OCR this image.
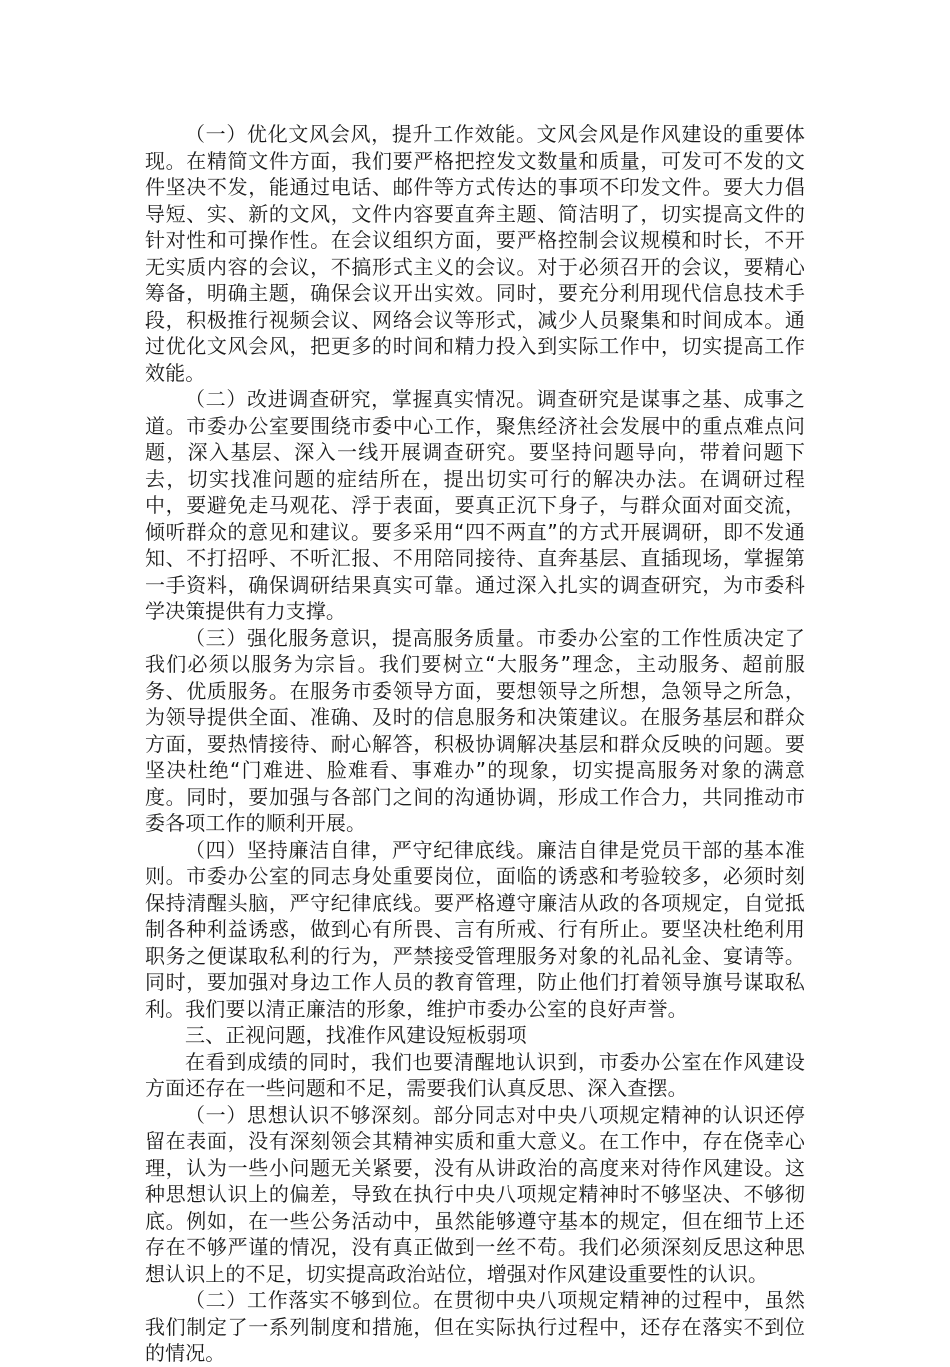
（一）优化文风会风，提升工作效能。文风会风是作风建设的重要体现。在精简文件方面，我们要严格把控发文数量和质量，可发可不发的文件坚决不发，能通过电话、邮件等方式传达的事项不印发文件。要大力倡导短、实、新的文风，文件内容要直奔主题、简洁明了，切实提高文件的针对性和可操作性。在会议组织方面，要严格控制会议规模和时长，不开无实质内容的会议，不搞形式主义的会议。对于必须召开的会议，要精心筹备，明确主题，确保会议开出实效。同时，要充分利用现代信息技术手段，积极推行视频会议、网络会议等形式，减少人员聚集和时间成本。通过优化文风会风，把更多的时间和精力投入到实际工作中，切实提高工作效能。

（二）改进调查研究，掌握真实情况。调查研究是谋事之基、成事之道。市委办公室要围绕市委中心工作，聚焦经济社会发展中的重点难点问题，深入基层、深入一线开展调查研究。要坚持问题导向，带着问题下去，切实找准问题的症结所在，提出切实可行的解决办法。在调研过程中，要避免走马观花、浮于表面，要真正沉下身子，与群众面对面交流，倾听群众的意见和建议。要多采用“四不两直”的方式开展调研，即不发通知、不打招呼、不听汇报、不用陪同接待、直奔基层、直插现场，掌握第一手资料，确保调研结果真实可靠。通过深入扎实的调查研究，为市委科学决策提供有力支撑。

（三）强化服务意识，提高服务质量。市委办公室的工作性质决定了我们必须以服务为宗旨。我们要树立“大服务”理念，主动服务、超前服务、优质服务。在服务市委领导方面，要想领导之所想，急领导之所急，为领导提供全面、准确、及时的信息服务和决策建议。在服务基层和群众方面，要热情接待、耐心解答，积极协调解决基层和群众反映的问题。要坚决杜绝“门难进、脸难看、事难办”的现象，切实提高服务对象的满意度。同时，要加强与各部门之间的沟通协调，形成工作合力，共同推动市委各项工作的顺利开展。

（四）坚持廉洁自律，严守纪律底线。廉洁自律是党员干部的基本准则。市委办公室的同志身处重要岗位，面临的诱惑和考验较多，必须时刻保持清醒头脑，严守纪律底线。要严格遵守廉洁从政的各项规定，自觉抵制各种利益诱惑，做到心有所畏、言有所戒、行有所止。要坚决杜绝利用职务之便谋取私利的行为，严禁接受管理服务对象的礼品礼金、宴请等。同时，要加强对身边工作人员的教育管理，防止他们打着领导旗号谋取私利。我们要以清正廉洁的形象，维护市委办公室的良好声誉。

三、正视问题，找准作风建设短板弱项

在看到成绩的同时，我们也要清醒地认识到，市委办公室在作风建设方面还存在一些问题和不足，需要我们认真反思、深入查摆。

（一）思想认识不够深刻。部分同志对中央八项规定精神的认识还停留在表面，没有深刻领会其精神实质和重大意义。在工作中，存在侥幸心理，认为一些小问题无关紧要，没有从讲政治的高度来对待作风建设。这种思想认识上的偏差，导致在执行中央八项规定精神时不够坚决、不够彻底。例如，在一些公务活动中，虽然能够遵守基本的规定，但在细节上还存在不够严谨的情况，没有真正做到一丝不苟。我们必须深刻反思这种思想认识上的不足，切实提高政治站位，增强对作风建设重要性的认识。

（二）工作落实不够到位。在贯彻中央八项规定精神的过程中，虽然我们制定了一系列制度和措施，但在实际执行过程中，还存在落实不到位的情况。
